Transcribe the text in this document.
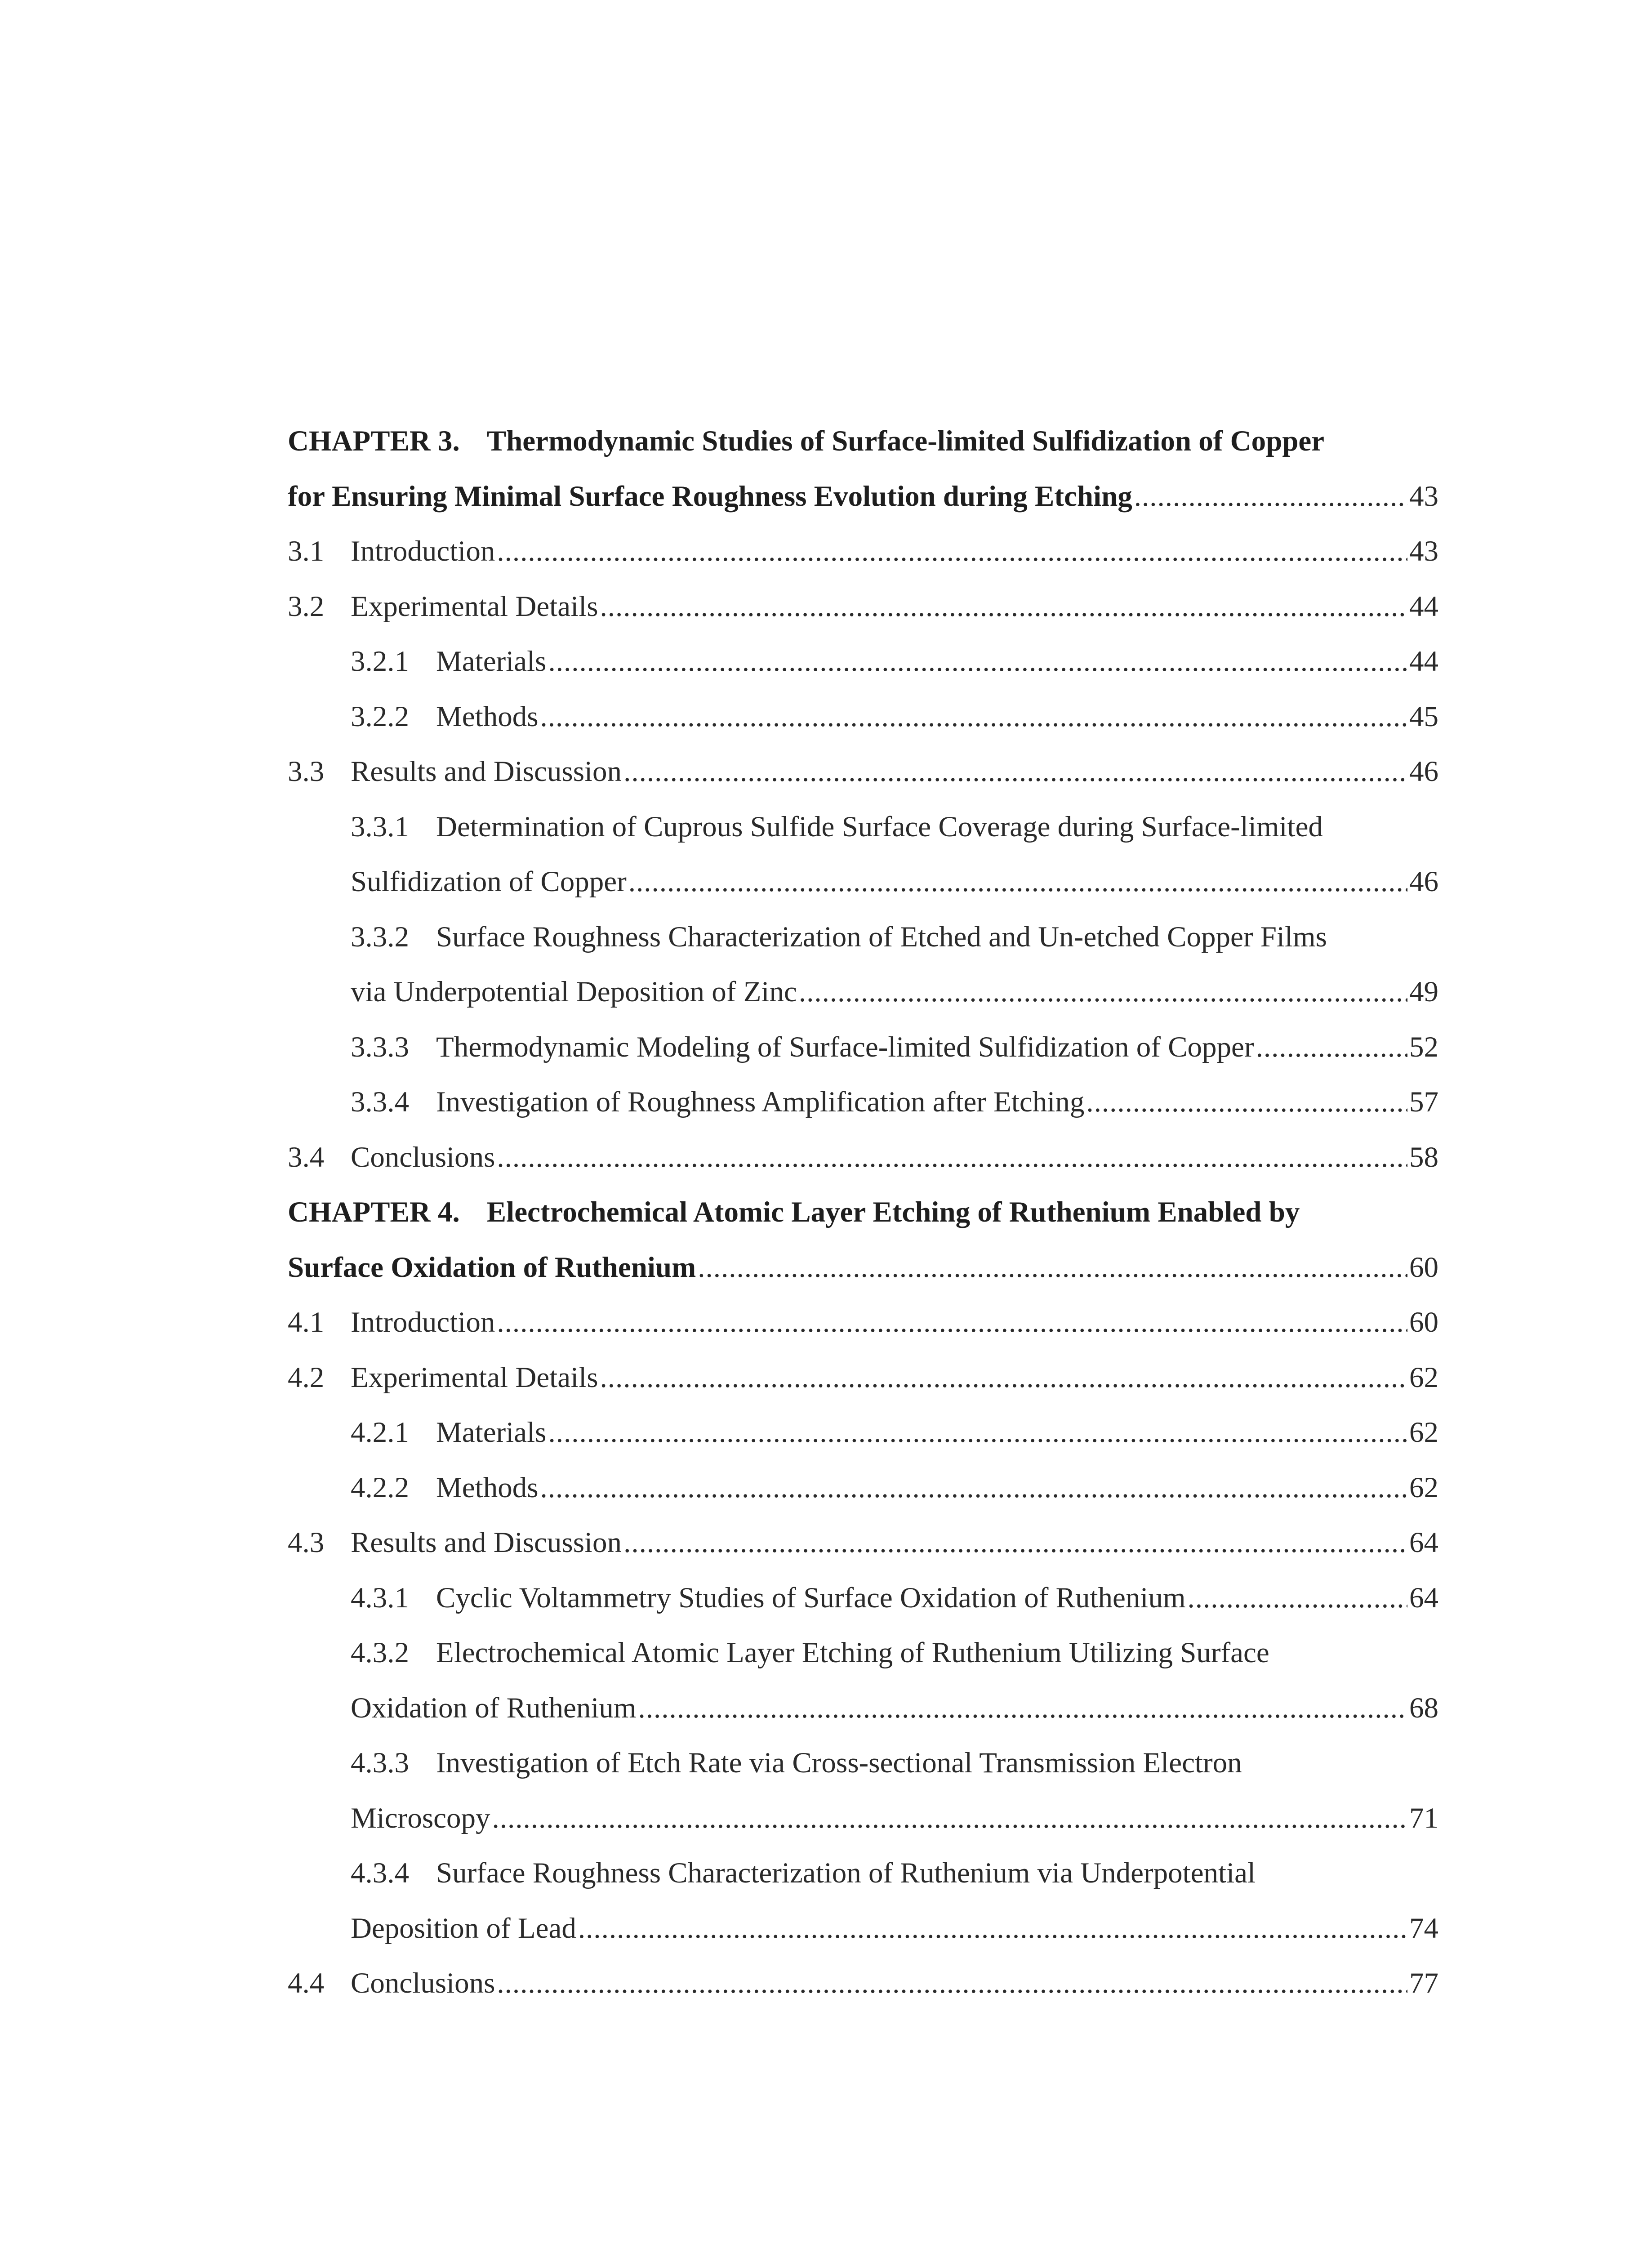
CHAPTER 3. Thermodynamic Studies of Surface-limited Sulfidization of Copper
for Ensuring Minimal Surface Roughness Evolution during Etching .....	43
3.1 Introduction .....	43
3.2 Experimental Details .....	44
3.2.1 Materials .....	44
3.2.2 Methods .....	45
3.3 Results and Discussion .....	46
3.3.1 Determination of Cuprous Sulfide Surface Coverage during Surface-limited
Sulfidization of Copper .....	46
3.3.2 Surface Roughness Characterization of Etched and Un-etched Copper Films
via Underpotential Deposition of Zinc .....	49
3.3.3 Thermodynamic Modeling of Surface-limited Sulfidization of Copper .....	52
3.3.4 Investigation of Roughness Amplification after Etching .....	57
3.4 Conclusions .....	58
CHAPTER 4. Electrochemical Atomic Layer Etching of Ruthenium Enabled by
Surface Oxidation of Ruthenium .....	60
4.1 Introduction .....	60
4.2 Experimental Details .....	62
4.2.1 Materials .....	62
4.2.2 Methods .....	62
4.3 Results and Discussion .....	64
4.3.1 Cyclic Voltammetry Studies of Surface Oxidation of Ruthenium .....	64
4.3.2 Electrochemical Atomic Layer Etching of Ruthenium Utilizing Surface
Oxidation of Ruthenium .....	68
4.3.3 Investigation of Etch Rate via Cross-sectional Transmission Electron
Microscopy .....	71
4.3.4 Surface Roughness Characterization of Ruthenium via Underpotential
Deposition of Lead .....	74
4.4 Conclusions .....	77
